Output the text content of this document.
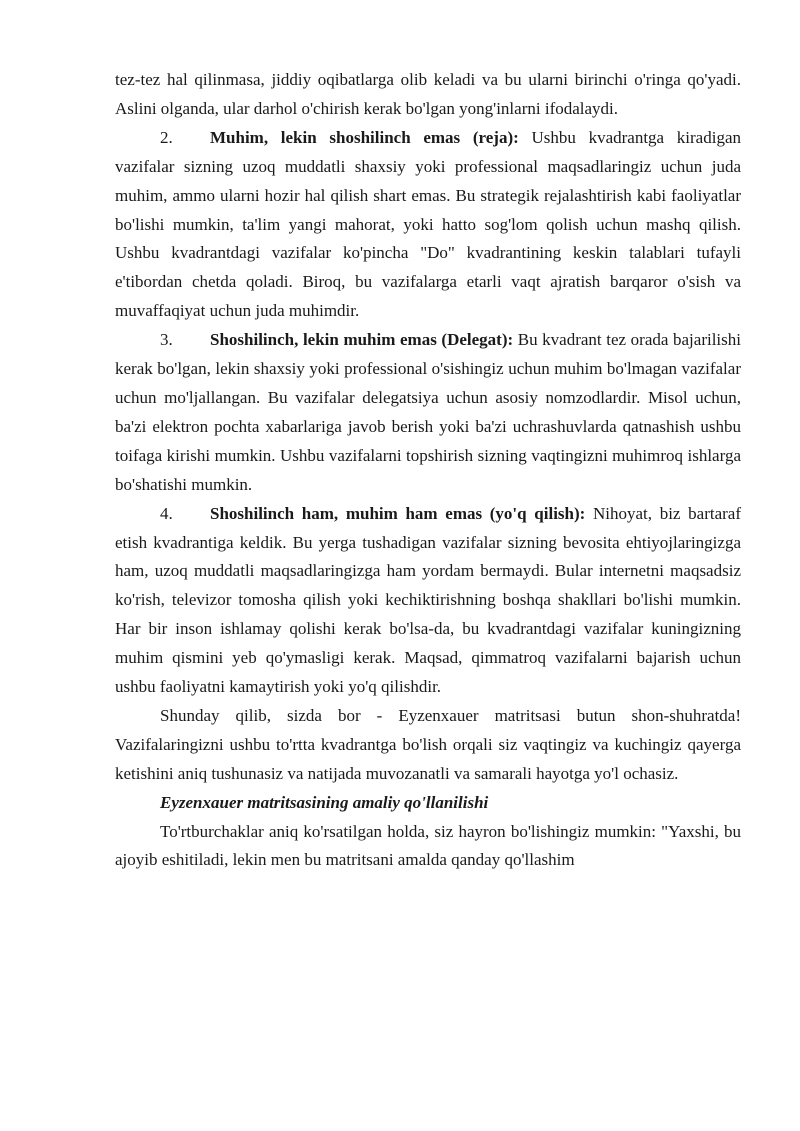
tez-tez hal qilinmasa, jiddiy oqibatlarga olib keladi va bu ularni birinchi o'ringa qo'yadi. Aslini olganda, ular darhol o'chirish kerak bo'lgan yong'inlarni ifodalaydi.

2. Muhim, lekin shoshilinch emas (reja): Ushbu kvadrantga kiradigan vazifalar sizning uzoq muddatli shaxsiy yoki professional maqsadlaringiz uchun juda muhim, ammo ularni hozir hal qilish shart emas. Bu strategik rejalashtirish kabi faoliyatlar bo'lishi mumkin, ta'lim yangi mahorat, yoki hatto sog'lom qolish uchun mashq qilish. Ushbu kvadrantdagi vazifalar ko'pincha "Do" kvadrantining keskin talablari tufayli e'tibordan chetda qoladi. Biroq, bu vazifalarga etarli vaqt ajratish barqaror o'sish va muvaffaqiyat uchun juda muhimdir.

3. Shoshilinch, lekin muhim emas (Delegat): Bu kvadrant tez orada bajarilishi kerak bo'lgan, lekin shaxsiy yoki professional o'sishingiz uchun muhim bo'lmagan vazifalar uchun mo'ljallangan. Bu vazifalar delegatsiya uchun asosiy nomzodlardir. Misol uchun, ba'zi elektron pochta xabarlariga javob berish yoki ba'zi uchrashuvlarda qatnashish ushbu toifaga kirishi mumkin. Ushbu vazifalarni topshirish sizning vaqtingizni muhimroq ishlarga bo'shatishi mumkin.

4. Shoshilinch ham, muhim ham emas (yo'q qilish): Nihoyat, biz bartaraf etish kvadrantiga keldik. Bu yerga tushadigan vazifalar sizning bevosita ehtiyojlaringizga ham, uzoq muddatli maqsadlaringizga ham yordam bermaydi. Bular internetni maqsadsiz ko'rish, televizor tomosha qilish yoki kechiktirishning boshqa shakllari bo'lishi mumkin. Har bir inson ishlamay qolishi kerak bo'lsa-da, bu kvadrantdagi vazifalar kuningizning muhim qismini yeb qo'ymasligi kerak. Maqsad, qimmatroq vazifalarni bajarish uchun ushbu faoliyatni kamaytirish yoki yo'q qilishdir.

Shunday qilib, sizda bor - Eyzenxauer matritsasi butun shon-shuhratda! Vazifalaringizni ushbu to'rtta kvadrantga bo'lish orqali siz vaqtingiz va kuchingiz qayerga ketishini aniq tushunasiz va natijada muvozanatli va samarali hayotga yo'l ochasiz.

Eyzenxauer matritsasining amaliy qo'llanilishi

To'rtburchaklar aniq ko'rsatilgan holda, siz hayron bo'lishingiz mumkin: "Yaxshi, bu ajoyib eshitiladi, lekin men bu matritsani amalda qanday qo'llashim
